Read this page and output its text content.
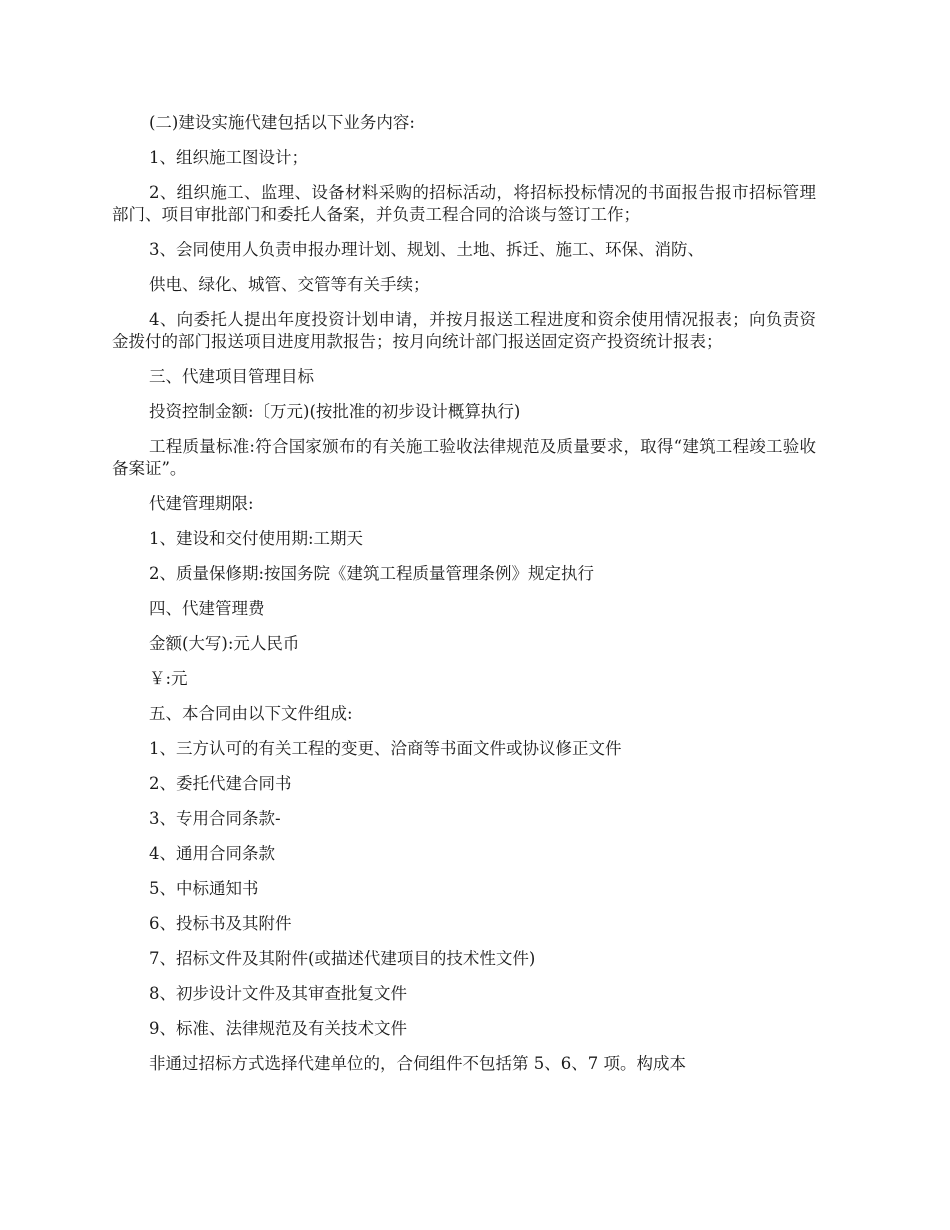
(二)建设实施代建包括以下业务内容:

1、组织施工图设计；

2、组织施工、监理、设备材料采购的招标活动，将招标投标情况的书面报告报市招标管理部门、项目审批部门和委托人备案，并负责工程合同的洽谈与签订工作；

3、会同使用人负责申报办理计划、规划、土地、拆迁、施工、环保、消防、

供电、绿化、城管、交管等有关手续；

4、向委托人提出年度投资计划申请，并按月报送工程进度和资余使用情况报表；向负责资金拨付的部门报送项目进度用款报告；按月向统计部门报送固定资产投资统计报表；

三、代建项目管理目标

投资控制金额:〔万元)(按批准的初步设计概算执行)

工程质量标准:符合国家颁布的有关施工验收法律规范及质量要求，取得“建筑工程竣工验收备案证”。

代建管理期限:

1、建设和交付使用期:工期天

2、质量保修期:按国务院《建筑工程质量管理条例》规定执行

四、代建管理费

金额(大写):元人民币

￥:元

五、本合同由以下文件组成:

1、三方认可的有关工程的变更、洽商等书面文件或协议修正文件

2、委托代建合同书

3、专用合同条款-

4、通用合同条款

5、中标通知书

6、投标书及其附件

7、招标文件及其附件(或描述代建项目的技术性文件)

8、初步设计文件及其审查批复文件

9、标准、法律规范及有关技术文件

非通过招标方式选择代建单位的，合伺组件不包括第 5、6、7 项。构成本
